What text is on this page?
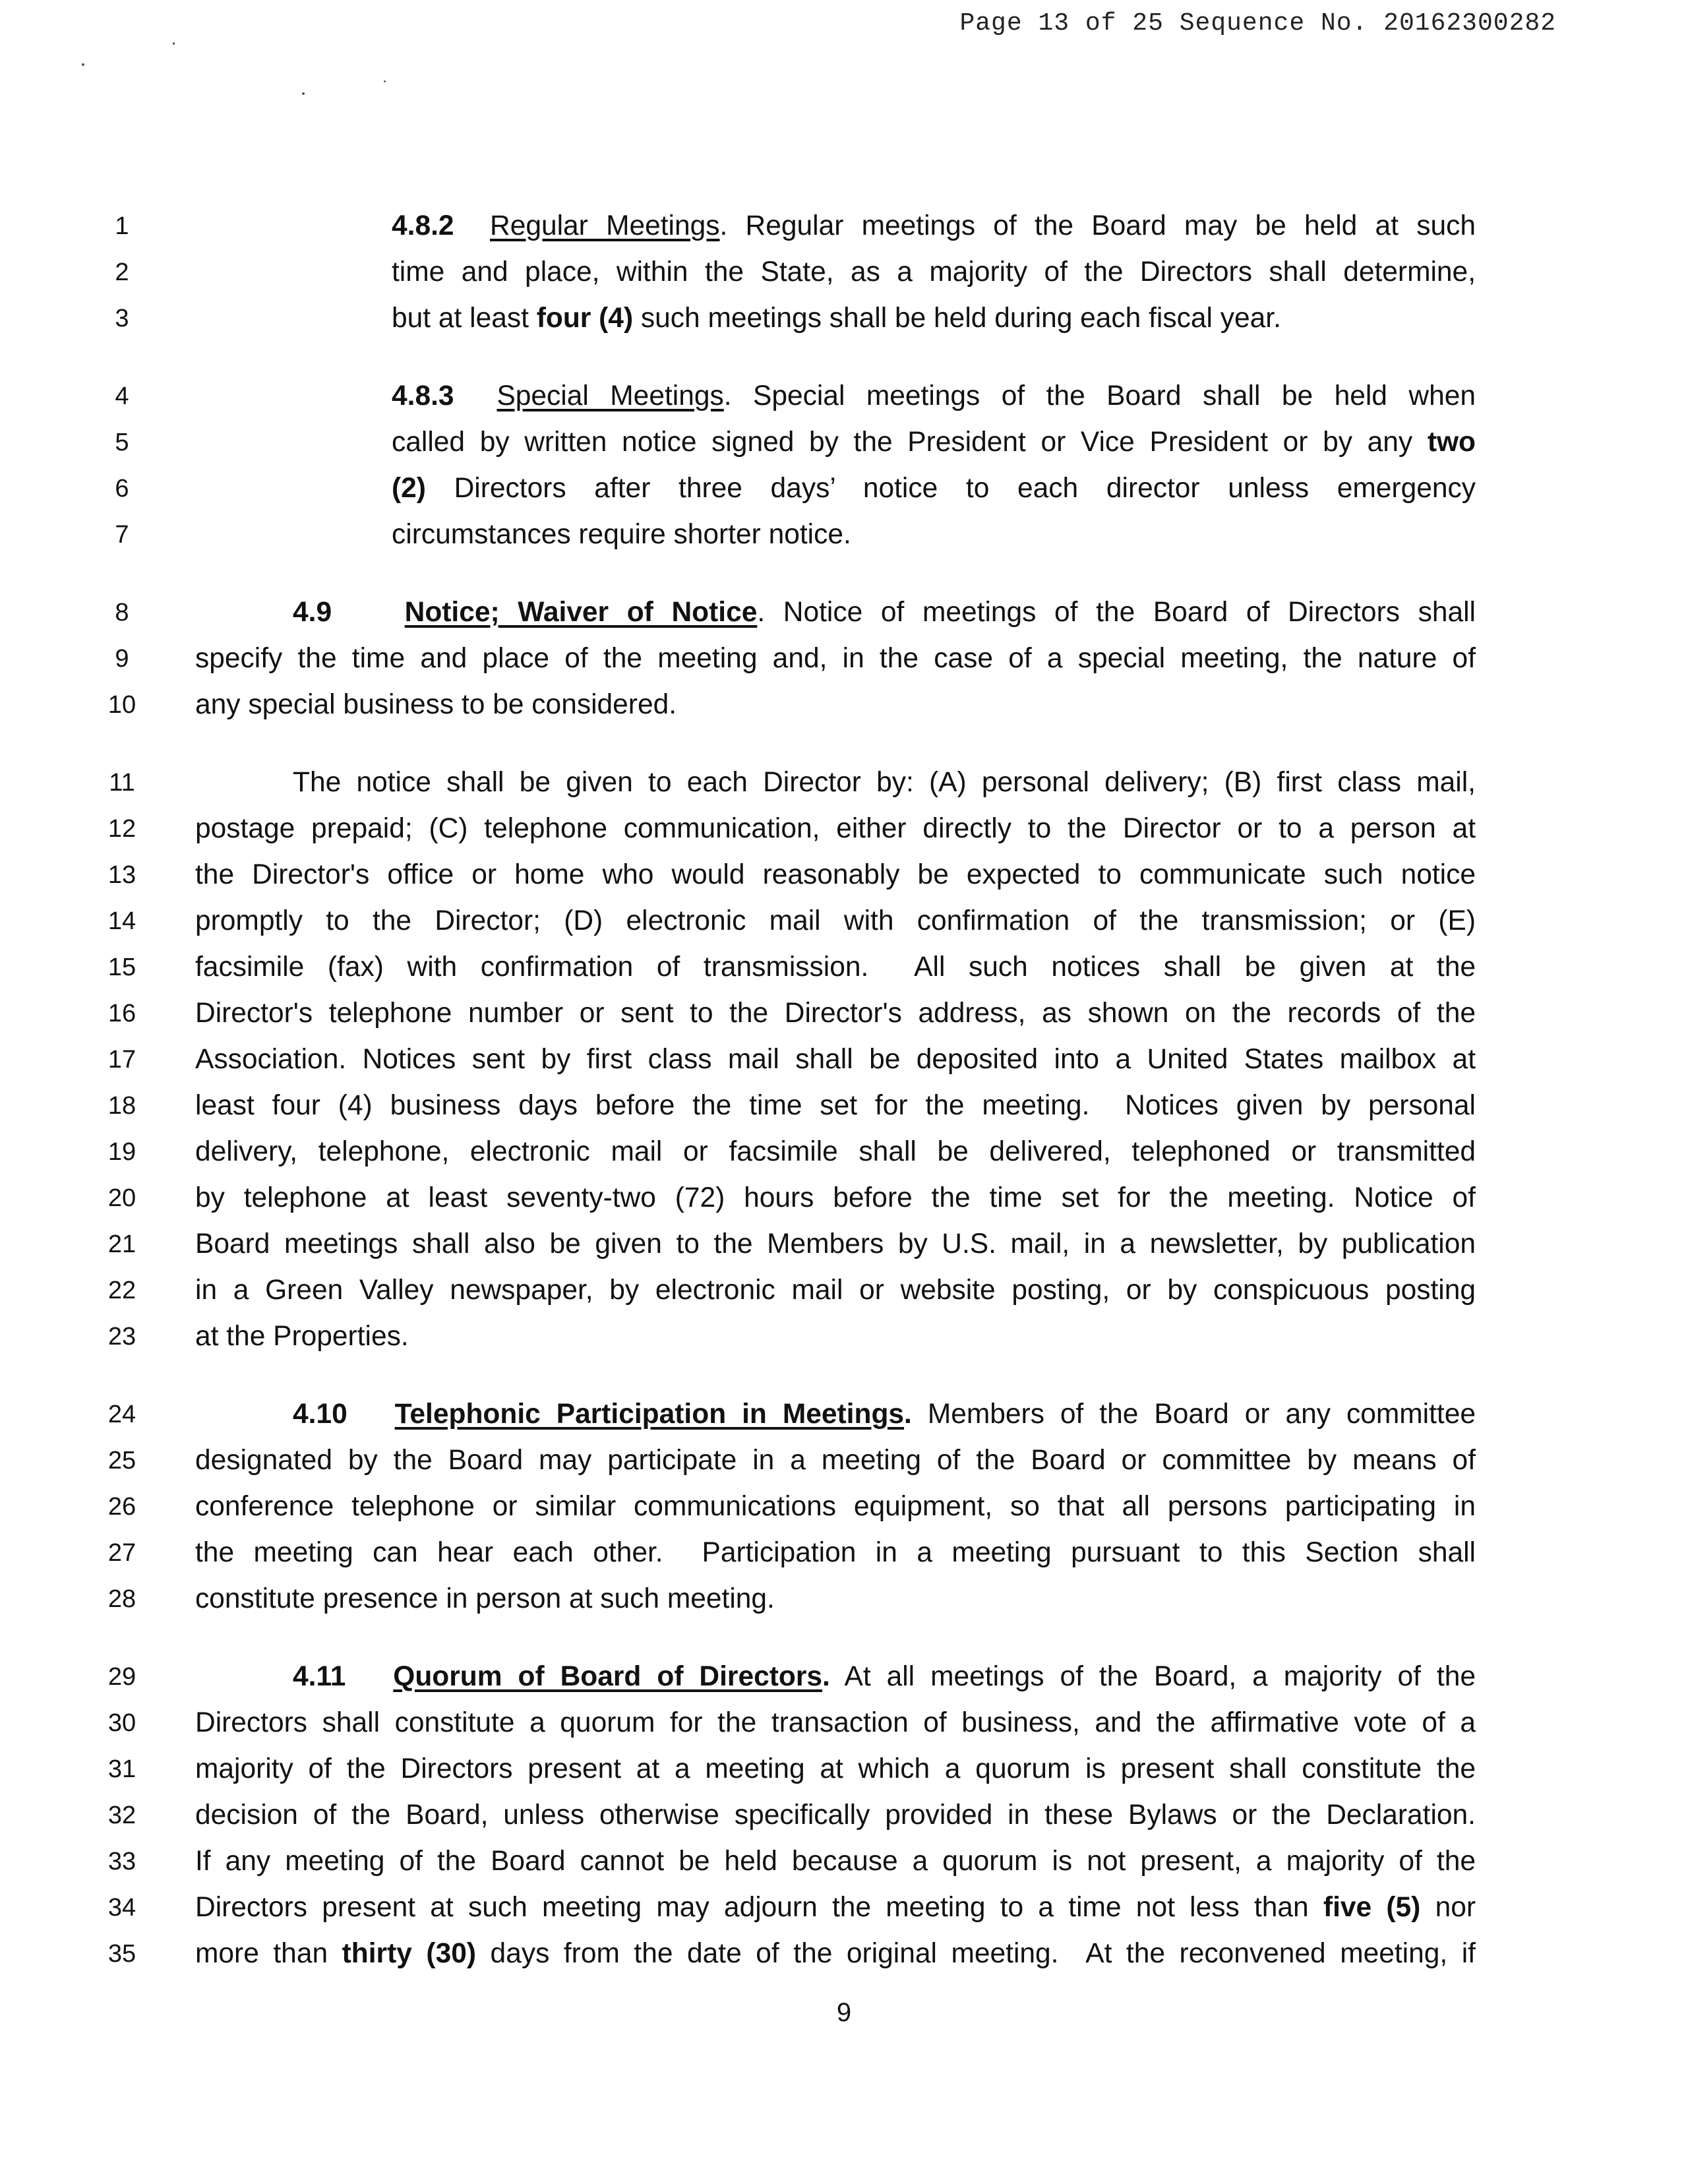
Page 13 of 25 Sequence No. 20162300282
1	4.8.2 Regular Meetings. Regular meetings of the Board may be held at such
2	time and place, within the State, as a majority of the Directors shall determine,
3	but at least four (4) such meetings shall be held during each fiscal year.
4	4.8.3 Special Meetings. Special meetings of the Board shall be held when
5	called by written notice signed by the President or Vice President or by any two
6	(2) Directors after three days’ notice to each director unless emergency
7	circumstances require shorter notice.
8	4.9	Notice; Waiver of Notice. Notice of meetings of the Board of Directors shall
9	specify the time and place of the meeting and, in the case of a special meeting, the nature of
10	any special business to be considered.
11	The notice shall be given to each Director by: (A) personal delivery; (B) first class mail,
12	postage prepaid; (C) telephone communication, either directly to the Director or to a person at
13	the Director's office or home who would reasonably be expected to communicate such notice
14	promptly to the Director; (D) electronic mail with confirmation of the transmission; or (E)
15	facsimile (fax) with confirmation of transmission.  All such notices shall be given at the
16	Director's telephone number or sent to the Director's address, as shown on the records of the
17	Association. Notices sent by first class mail shall be deposited into a United States mailbox at
18	least four (4) business days before the time set for the meeting.  Notices given by personal
19	delivery, telephone, electronic mail or facsimile shall be delivered, telephoned or transmitted
20	by telephone at least seventy-two (72) hours before the time set for the meeting. Notice of
21	Board meetings shall also be given to the Members by U.S. mail, in a newsletter, by publication
22	in a Green Valley newspaper, by electronic mail or website posting, or by conspicuous posting
23	at the Properties.
24	4.10 Telephonic Participation in Meetings. Members of the Board or any committee
25	designated by the Board may participate in a meeting of the Board or committee by means of
26	conference telephone or similar communications equipment, so that all persons participating in
27	the meeting can hear each other.  Participation in a meeting pursuant to this Section shall
28	constitute presence in person at such meeting.
29	4.11 Quorum of Board of Directors. At all meetings of the Board, a majority of the
30	Directors shall constitute a quorum for the transaction of business, and the affirmative vote of a
31	majority of the Directors present at a meeting at which a quorum is present shall constitute the
32	decision of the Board, unless otherwise specifically provided in these Bylaws or the Declaration.
33	If any meeting of the Board cannot be held because a quorum is not present, a majority of the
34	Directors present at such meeting may adjourn the meeting to a time not less than five (5) nor
35	more than thirty (30) days from the date of the original meeting.  At the reconvened meeting, if
9
